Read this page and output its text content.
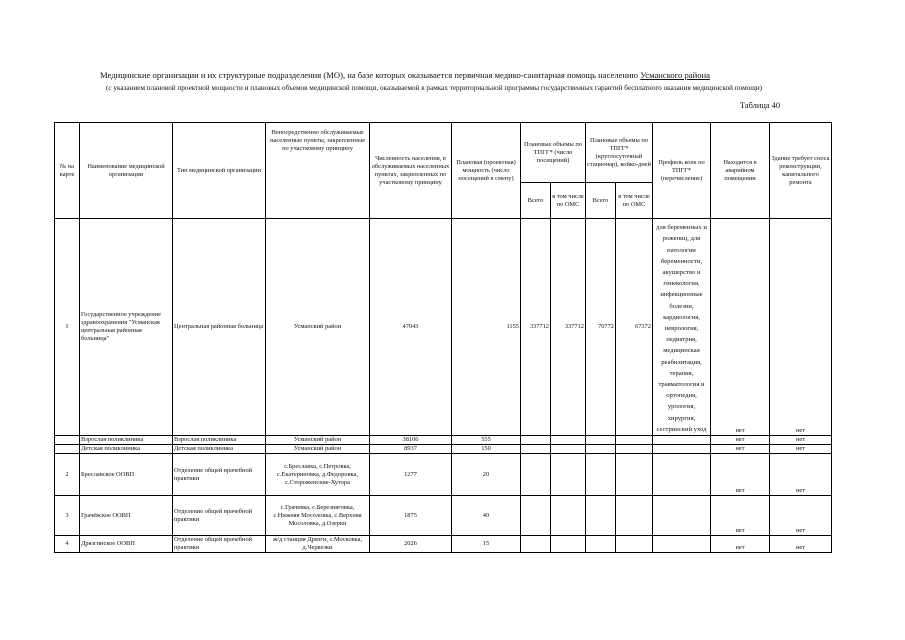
Медицинские организации и их структурные подразделения (МО), на базе которых оказывается первичная медико-санитарная помощь населению Усманского района
(с указанием плановой проектной мощности и плановых объемов медицинской помощи, оказываемой в рамках территориальной программы государственных гарантий бесплатного оказания медицинской помощи)
Таблица 40
№ на карте	Наименование медицинской организации	Тип медицинской организации	Непосредственно обслуживаемые населенные пункты, закрепленные по участковому принципу	Численность населения, в обслуживаемых населенных пунктах, закрепленных по участковому принципу	Плановая (проектная) мощность (число посещений в смену)	Плановые объемы по ТПГГ* (число посещений)		Плановые объемы по ТПГГ* (круглосуточный стационар), койко-дней		Профиль коек по ТПГГ* (перечисление)	Находится в аварийном помещении	Здание требует сноса реконструкции, капитального ремонта
						Всего	в том числе по ОМС	Всего	в том числе по ОМС			
1	Государственное учреждение здравоохранения "Усманская центральная районная больница"	Центральная районная больница	Усманский район	47043	1155	337712	337712	70772	67372	для беременных и рожениц, для патологии беременности, акушерство и гинекология, инфекционные болезни, кардиология, неврология, педиатрия, медицинская реабилитация, терапия, травматология и ортопедия, урология, хирургия, сестринский уход	нет	нет
	Взрослая поликлиника	Взрослая поликлиника	Усманский район	38106	555						нет	нет
	Детская поликлиника	Детская поликлиника	Усманский район	8937	150						нет	нет
2	Бреславское ООВП	Отделение общей врачебной практики	с.Бреславка, с.Петровка, с.Екатериновка, д.Федоровка, с.Стороженские-Хутора	1277	20						нет	нет
3	Грачёвское ООВП	Отделение общей врачебной практики	с.Грачевка, с.Березняговка, с.Нижняя Мосоловка, с.Верхняя Мосоловка, д.Озерки	1875	40						нет	нет
4	Дрязгинское ООВП	Отделение общей врачебной практики	ж/д станция Дрязги, с.Московка, д.Черкезки	2026	15						нет	нет
